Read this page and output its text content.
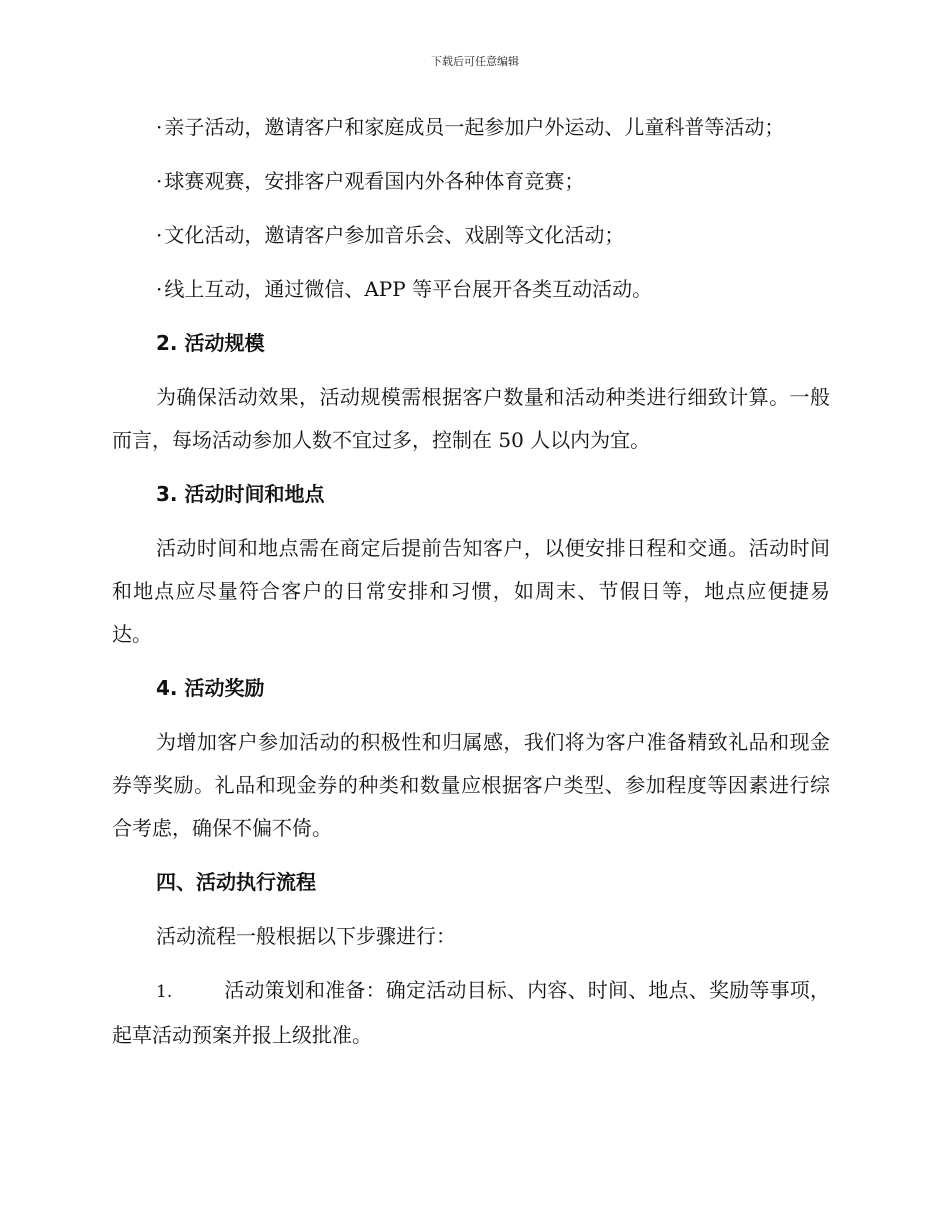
下载后可任意编辑

· 亲子活动，邀请客户和家庭成员一起参加户外运动、儿童科普等活动；

· 球赛观赛，安排客户观看国内外各种体育竞赛；

· 文化活动，邀请客户参加音乐会、戏剧等文化活动；

· 线上互动，通过微信、APP 等平台展开各类互动活动。

2. 活动规模

为确保活动效果，活动规模需根据客户数量和活动种类进行细致计算。一般而言，每场活动参加人数不宜过多，控制在 50 人以内为宜。

3. 活动时间和地点

活动时间和地点需在商定后提前告知客户，以便安排日程和交通。活动时间和地点应尽量符合客户的日常安排和习惯，如周末、节假日等，地点应便捷易达。

4. 活动奖励

为增加客户参加活动的积极性和归属感，我们将为客户准备精致礼品和现金券等奖励。礼品和现金券的种类和数量应根据客户类型、参加程度等因素进行综合考虑，确保不偏不倚。

四、活动执行流程

活动流程一般根据以下步骤进行：

1.	活动策划和准备：确定活动目标、内容、时间、地点、奖励等事项，起草活动预案并报上级批准。
